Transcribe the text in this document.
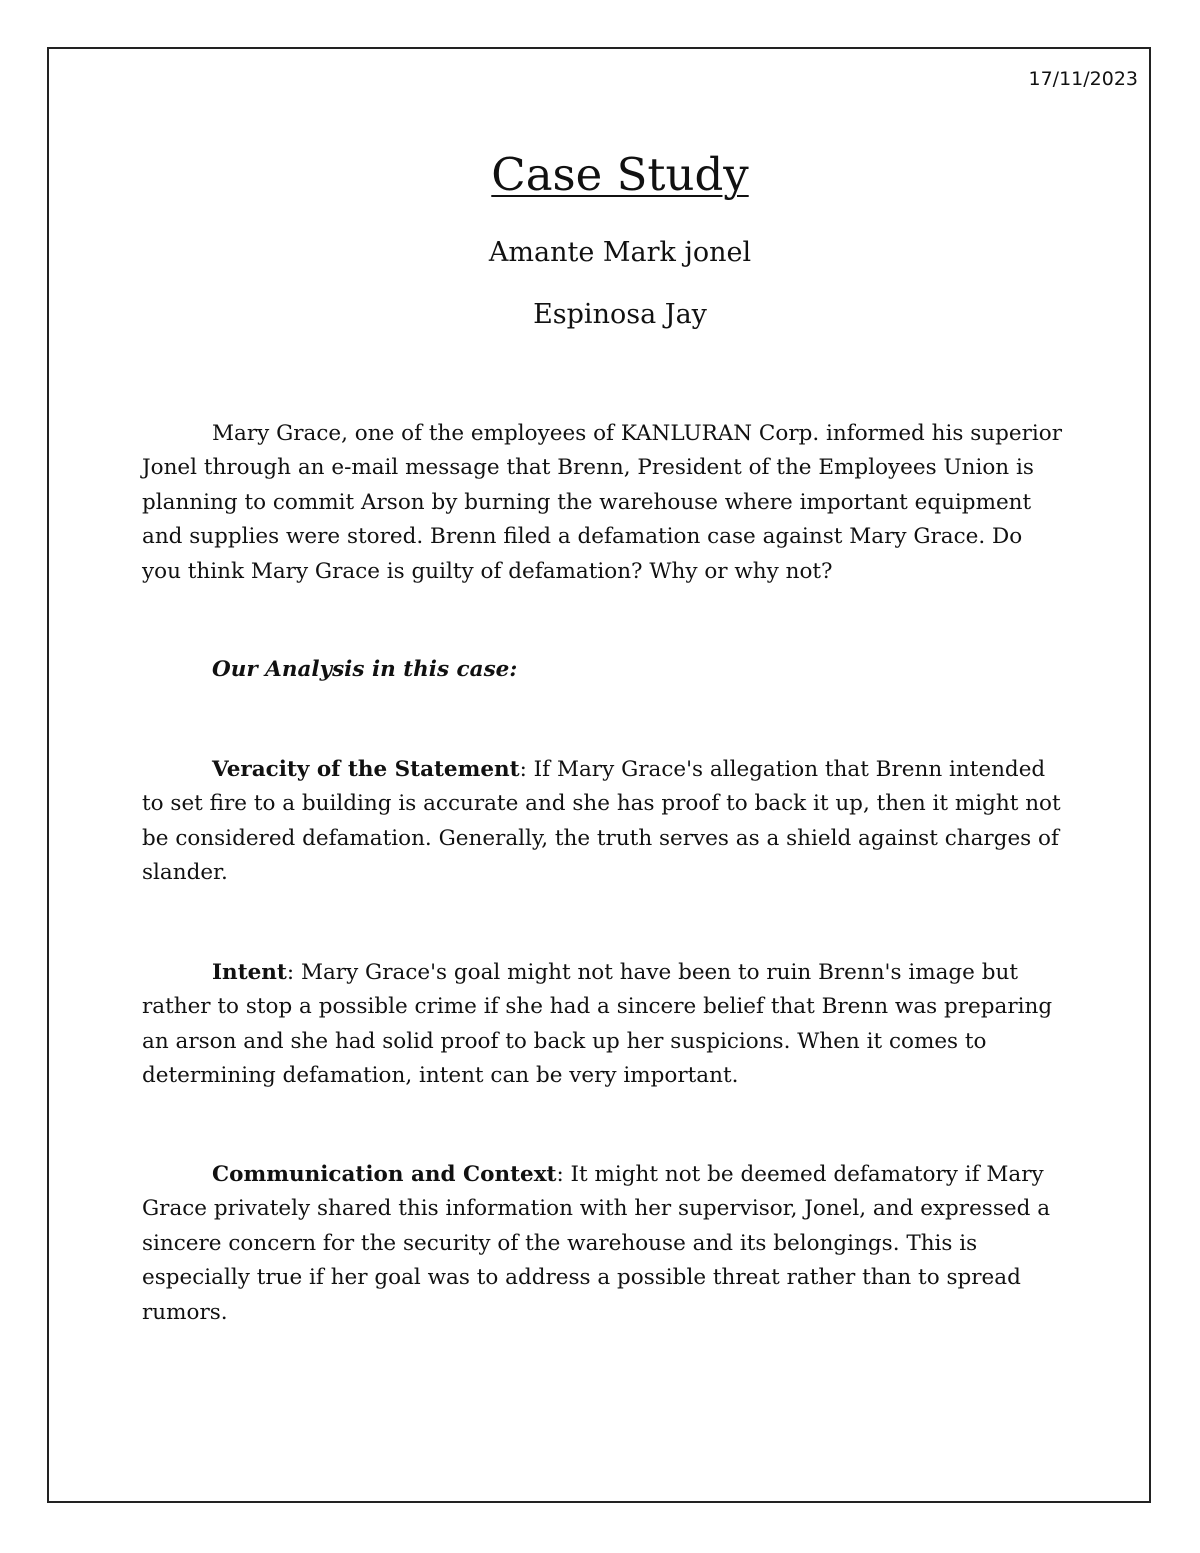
17/11/2023
Case Study
Amante Mark jonel
Espinosa Jay

Mary Grace, one of the employees of KANLURAN Corp. informed his superior Jonel through an e-mail message that Brenn, President of the Employees Union is planning to commit Arson by burning the warehouse where important equipment and supplies were stored. Brenn filed a defamation case against Mary Grace. Do you think Mary Grace is guilty of defamation? Why or why not?

Our Analysis in this case:

Veracity of the Statement: If Mary Grace's allegation that Brenn intended to set fire to a building is accurate and she has proof to back it up, then it might not be considered defamation. Generally, the truth serves as a shield against charges of slander.

Intent: Mary Grace's goal might not have been to ruin Brenn's image but rather to stop a possible crime if she had a sincere belief that Brenn was preparing an arson and she had solid proof to back up her suspicions. When it comes to determining defamation, intent can be very important.

Communication and Context: It might not be deemed defamatory if Mary Grace privately shared this information with her supervisor, Jonel, and expressed a sincere concern for the security of the warehouse and its belongings. This is especially true if her goal was to address a possible threat rather than to spread rumors.
